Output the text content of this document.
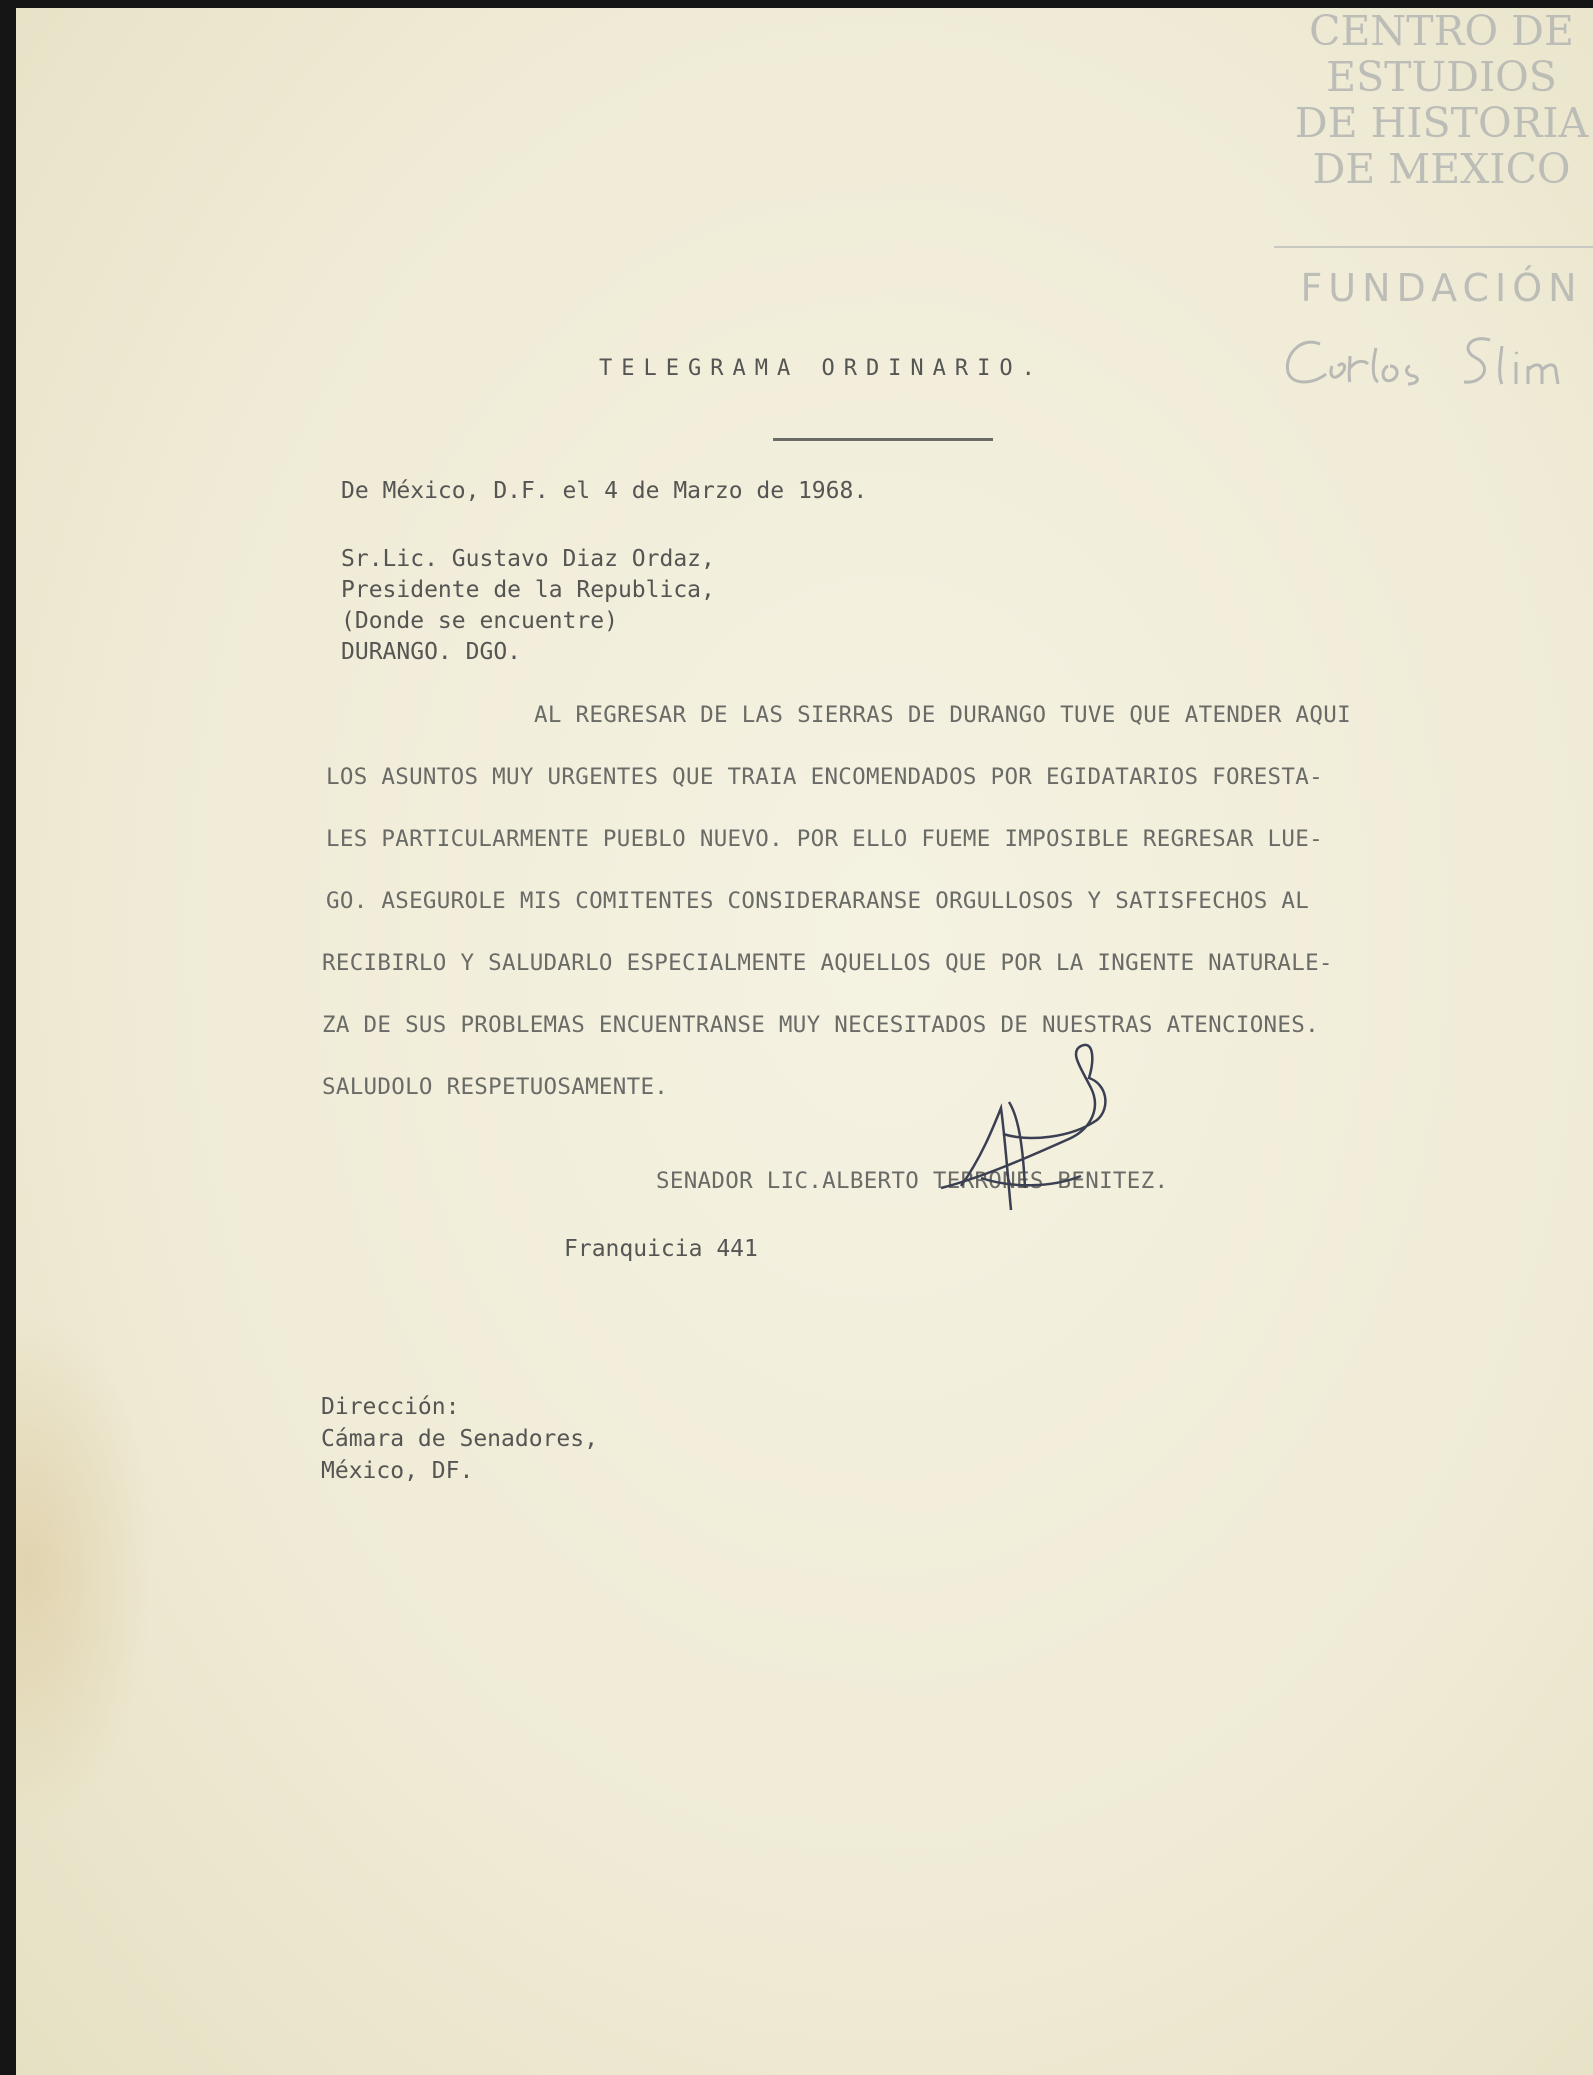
CENTRO DE
ESTUDIOS
DE HISTORIA
DE MEXICO
FUNDACIÓN
TELEGRAMA ORDINARIO.
De México, D.F. el 4 de Marzo de 1968.
Sr.Lic. Gustavo Diaz Ordaz,
Presidente de la Republica,
(Donde se encuentre)
DURANGO. DGO.
AL REGRESAR DE LAS SIERRAS DE DURANGO TUVE QUE ATENDER AQUI
LOS ASUNTOS MUY URGENTES QUE TRAIA ENCOMENDADOS POR EGIDATARIOS FORESTA-
LES PARTICULARMENTE PUEBLO NUEVO. POR ELLO FUEME IMPOSIBLE REGRESAR LUE-
GO. ASEGUROLE MIS COMITENTES CONSIDERARANSE ORGULLOSOS Y SATISFECHOS AL
RECIBIRLO Y SALUDARLO ESPECIALMENTE AQUELLOS QUE POR LA INGENTE NATURALE-
ZA DE SUS PROBLEMAS ENCUENTRANSE MUY NECESITADOS DE NUESTRAS ATENCIONES.
SALUDOLO RESPETUOSAMENTE.
SENADOR LIC.ALBERTO TERRONES BENITEZ.
Franquicia 441
Dirección:
Cámara de Senadores,
México, DF.
